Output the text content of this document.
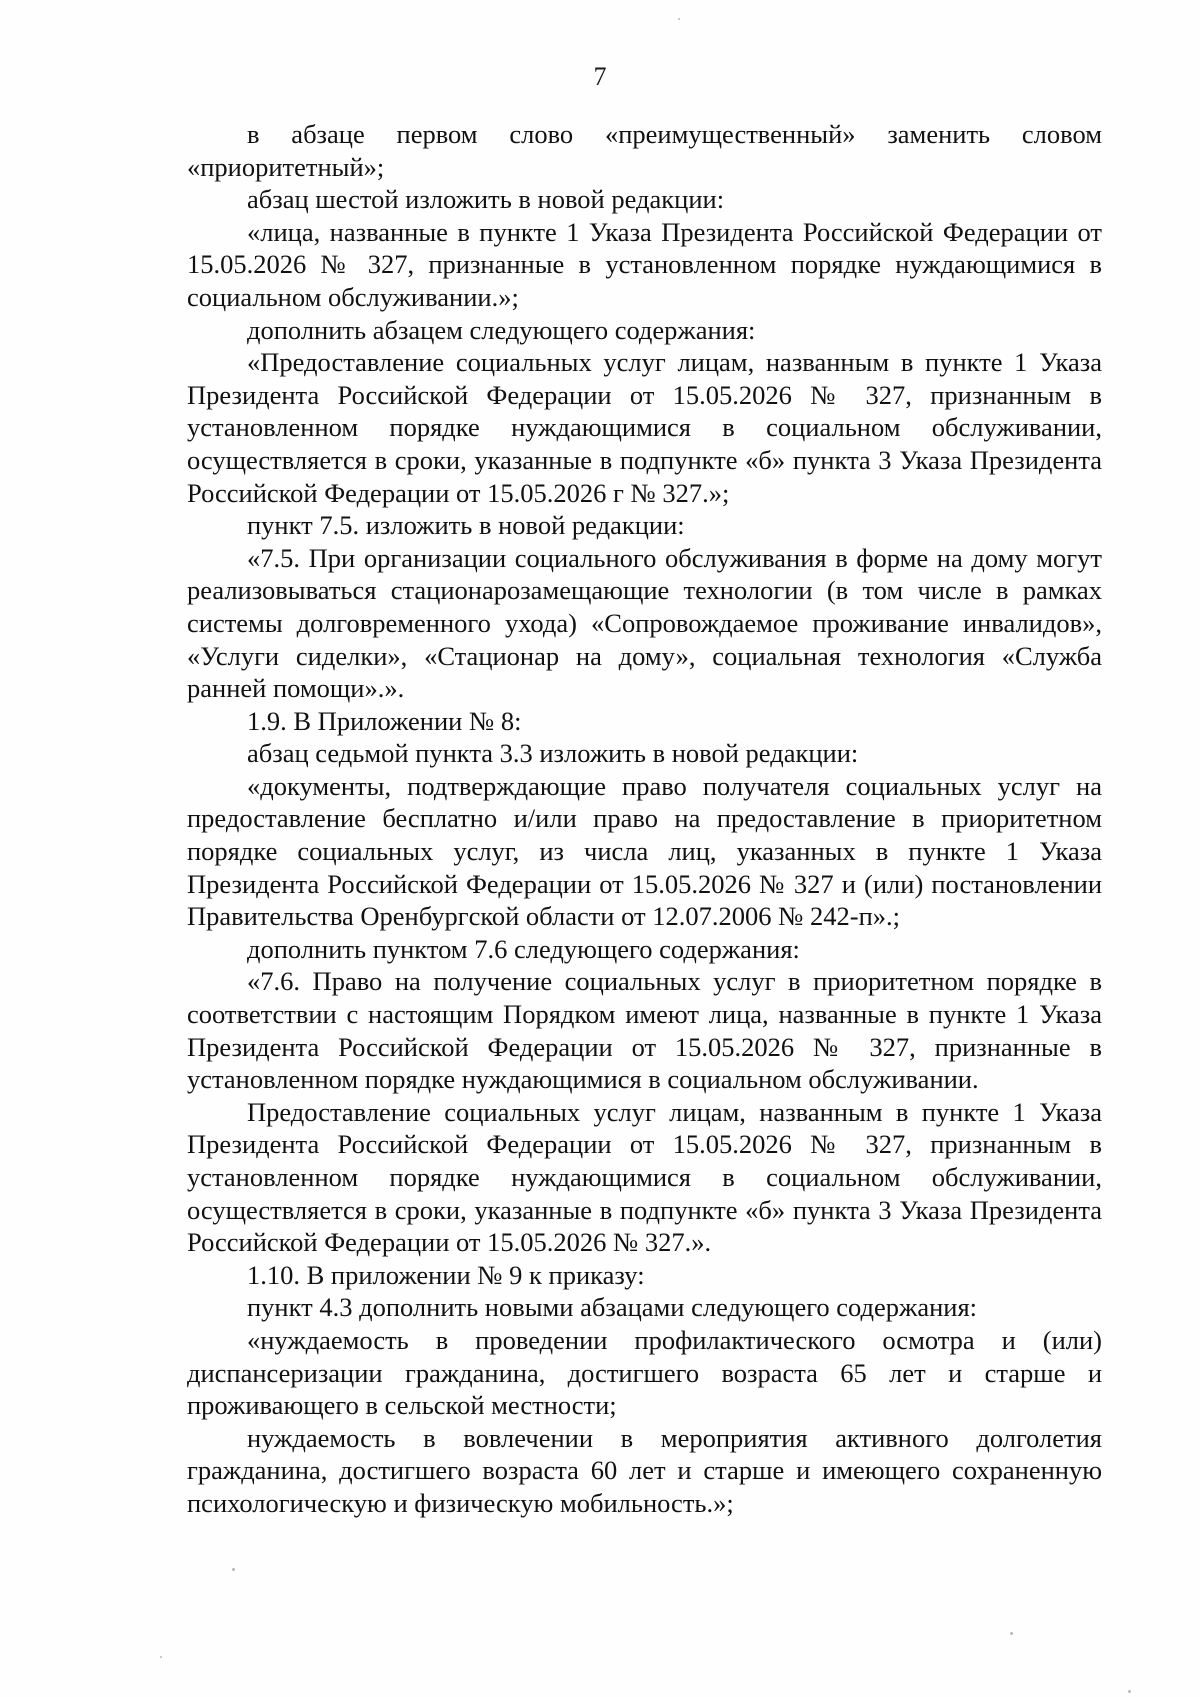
7

в абзаце первом слово «преимущественный» заменить словом «приоритетный»;

абзац шестой изложить в новой редакции:

«лица, названные в пункте 1 Указа Президента Российской Федерации от 15.05.2026 № 327, признанные в установленном порядке нуждающимися в социальном обслуживании.»;

дополнить абзацем следующего содержания:

«Предоставление социальных услуг лицам, названным в пункте 1 Указа Президента Российской Федерации от 15.05.2026 № 327, признанным в установленном порядке нуждающимися в социальном обслуживании, осуществляется в сроки, указанные в подпункте «б» пункта 3 Указа Президента Российской Федерации от 15.05.2026 г № 327.»;

пункт 7.5. изложить в новой редакции:

«7.5. При организации социального обслуживания в форме на дому могут реализовываться стационарозамещающие технологии (в том числе в рамках системы долговременного ухода) «Сопровождаемое проживание инвалидов», «Услуги сиделки», «Стационар на дому», социальная технология «Служба ранней помощи».».

1.9. В Приложении № 8:

абзац седьмой пункта 3.3 изложить в новой редакции:

«документы, подтверждающие право получателя социальных услуг на предоставление бесплатно и/или право на предоставление в приоритетном порядке социальных услуг, из числа лиц, указанных в пункте 1 Указа Президента Российской Федерации от 15.05.2026 № 327 и (или) постановлении Правительства Оренбургской области от 12.07.2006 № 242-п».;

дополнить пунктом 7.6 следующего содержания:

«7.6. Право на получение социальных услуг в приоритетном порядке в соответствии с настоящим Порядком имеют лица, названные в пункте 1 Указа Президента Российской Федерации от 15.05.2026 № 327, признанные в установленном порядке нуждающимися в социальном обслуживании.

Предоставление социальных услуг лицам, названным в пункте 1 Указа Президента Российской Федерации от 15.05.2026 № 327, признанным в установленном порядке нуждающимися в социальном обслуживании, осуществляется в сроки, указанные в подпункте «б» пункта 3 Указа Президента Российской Федерации от 15.05.2026 № 327.».

1.10. В приложении № 9 к приказу:

пункт 4.3 дополнить новыми абзацами следующего содержания:

«нуждаемость в проведении профилактического осмотра и (или) диспансеризации гражданина, достигшего возраста 65 лет и старше и проживающего в сельской местности;

нуждаемость в вовлечении в мероприятия активного долголетия гражданина, достигшего возраста 60 лет и старше и имеющего сохраненную психологическую и физическую мобильность.»;
